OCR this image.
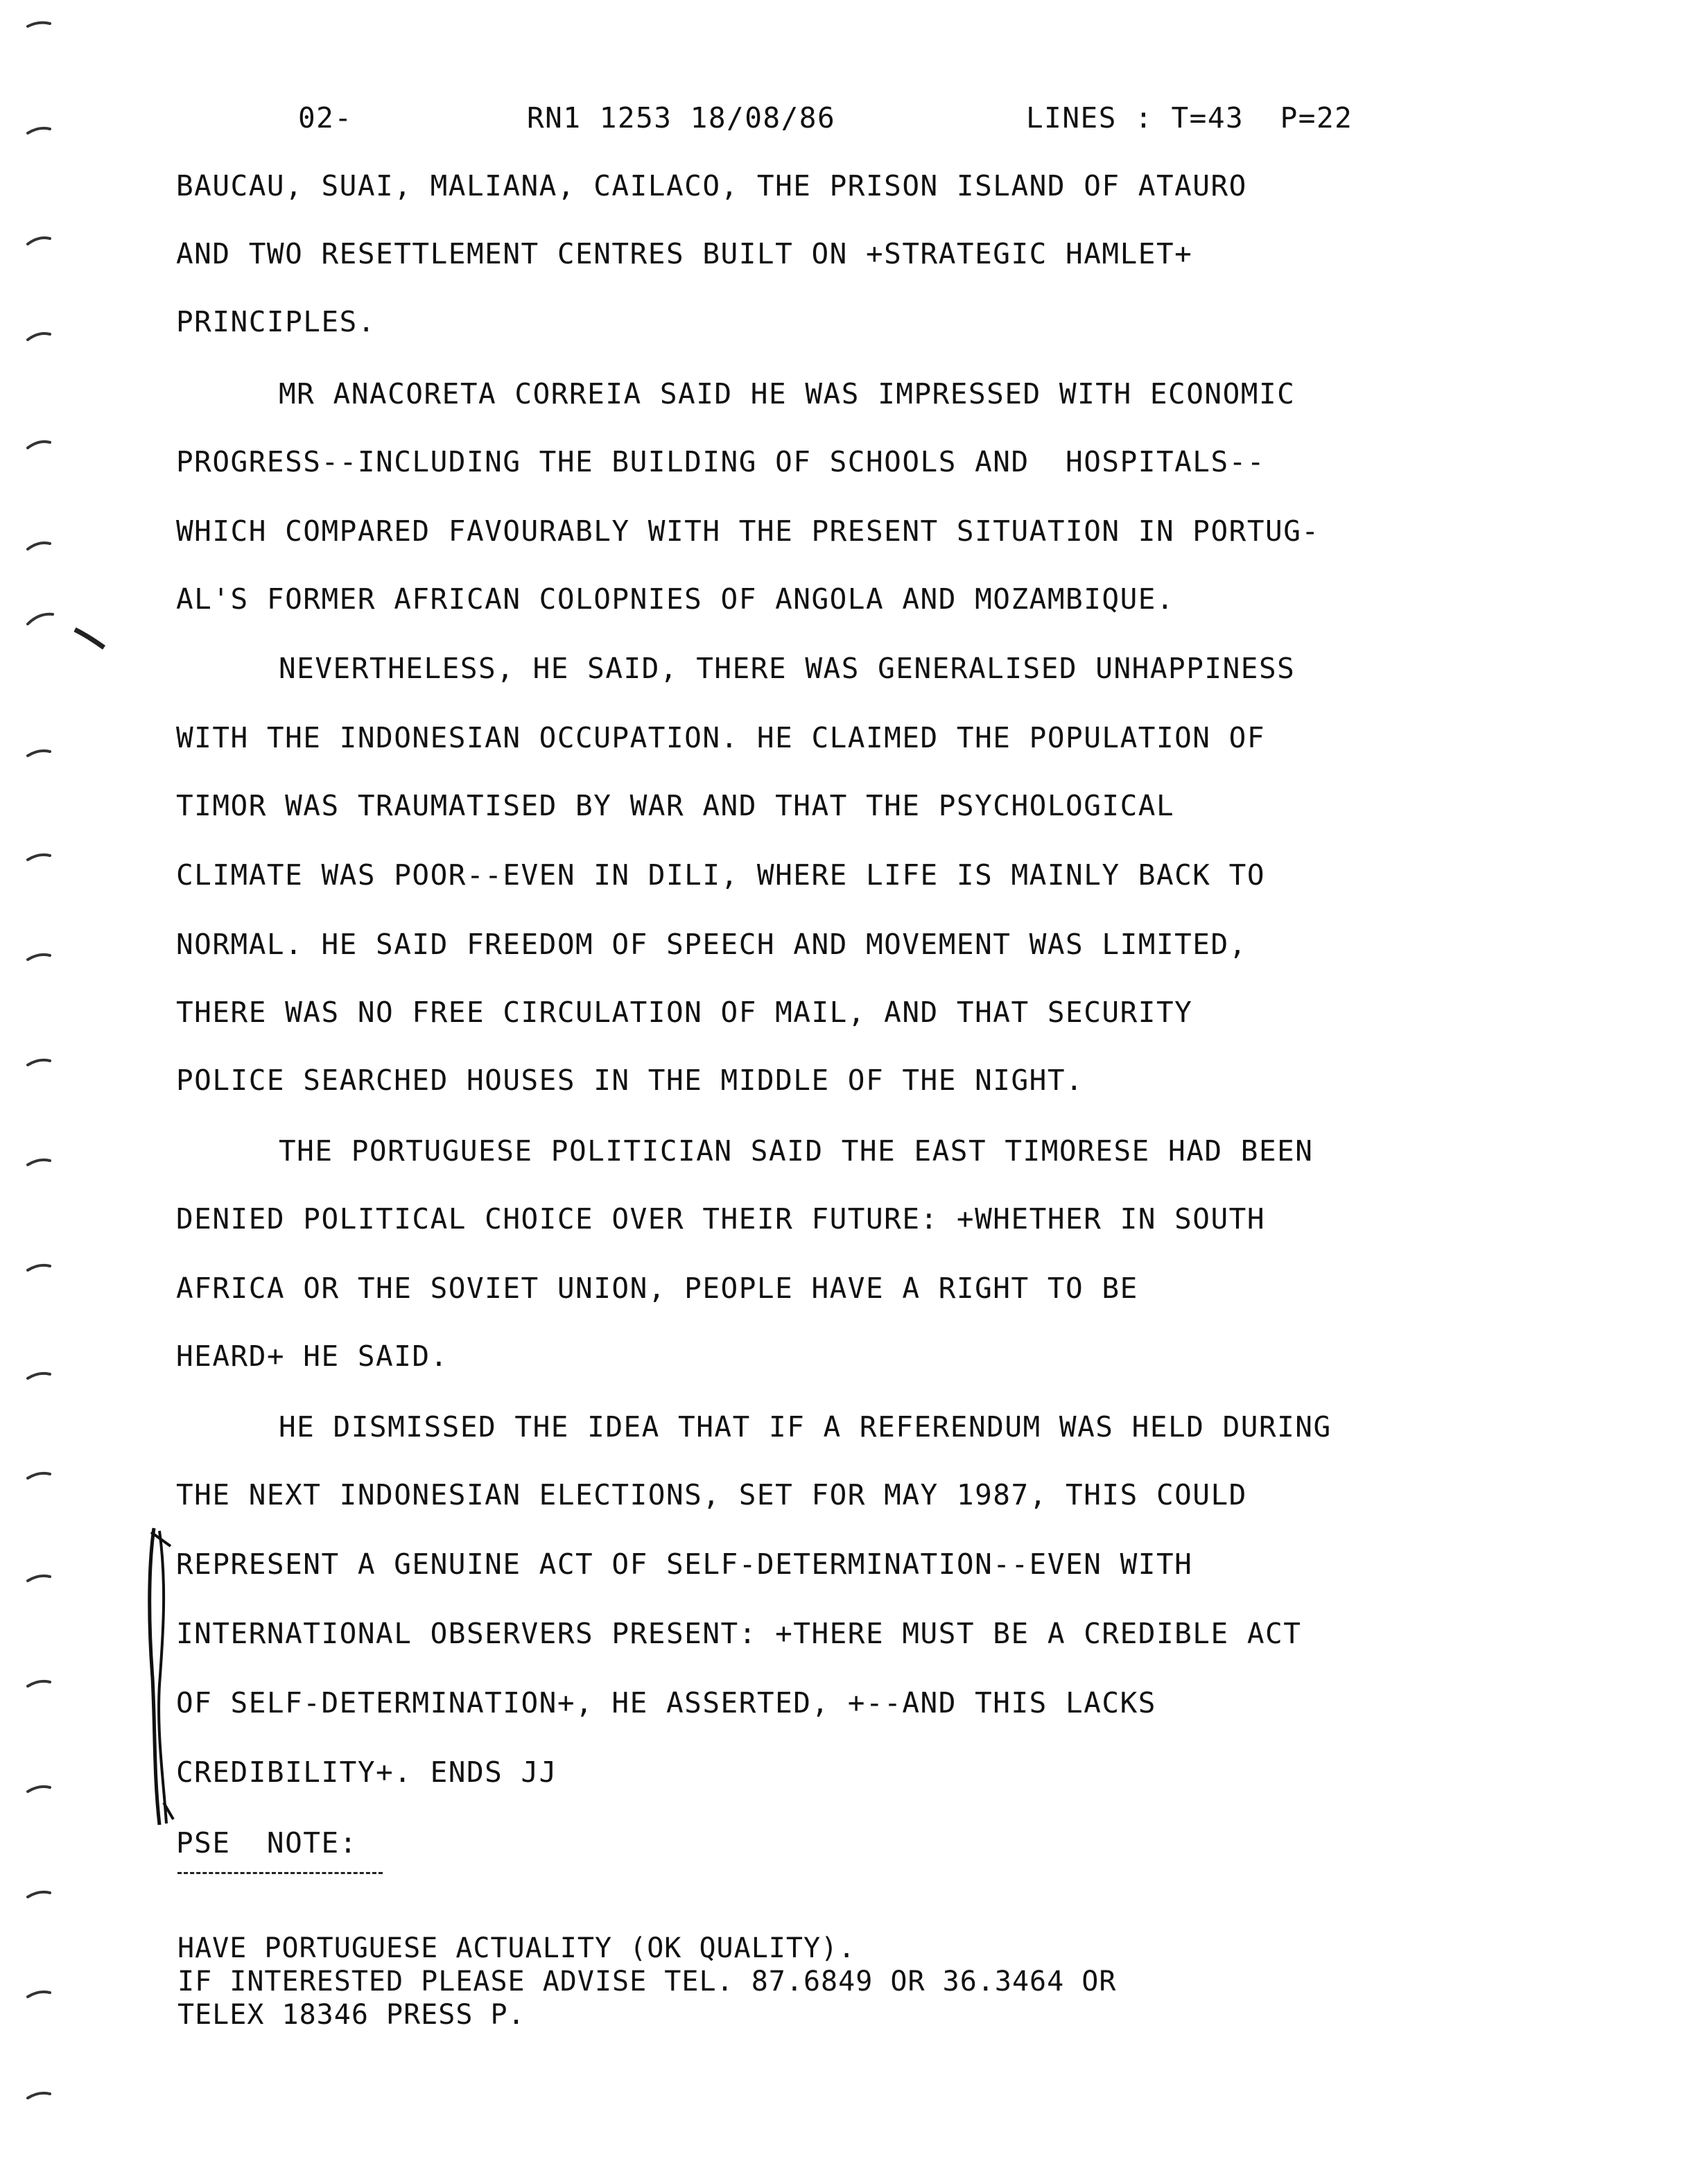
02-

	RN1 1253 18/08/86

	LINES : T=43  P=22

BAUCAU, SUAI, MALIANA, CAILACO, THE PRISON ISLAND OF ATAURO
AND TWO RESETTLEMENT CENTRES BUILT ON +STRATEGIC HAMLET+
PRINCIPLES.
MR ANACORETA CORREIA SAID HE WAS IMPRESSED WITH ECONOMIC
PROGRESS--INCLUDING THE BUILDING OF SCHOOLS AND  HOSPITALS--
WHICH COMPARED FAVOURABLY WITH THE PRESENT SITUATION IN PORTUG-
AL'S FORMER AFRICAN COLOPNIES OF ANGOLA AND MOZAMBIQUE.
NEVERTHELESS, HE SAID, THERE WAS GENERALISED UNHAPPINESS
WITH THE INDONESIAN OCCUPATION. HE CLAIMED THE POPULATION OF
TIMOR WAS TRAUMATISED BY WAR AND THAT THE PSYCHOLOGICAL
CLIMATE WAS POOR--EVEN IN DILI, WHERE LIFE IS MAINLY BACK TO
NORMAL. HE SAID FREEDOM OF SPEECH AND MOVEMENT WAS LIMITED,
THERE WAS NO FREE CIRCULATION OF MAIL, AND THAT SECURITY
POLICE SEARCHED HOUSES IN THE MIDDLE OF THE NIGHT.
THE PORTUGUESE POLITICIAN SAID THE EAST TIMORESE HAD BEEN
DENIED POLITICAL CHOICE OVER THEIR FUTURE: +WHETHER IN SOUTH
AFRICA OR THE SOVIET UNION, PEOPLE HAVE A RIGHT TO BE
HEARD+ HE SAID.
HE DISMISSED THE IDEA THAT IF A REFERENDUM WAS HELD DURING
THE NEXT INDONESIAN ELECTIONS, SET FOR MAY 1987, THIS COULD
REPRESENT A GENUINE ACT OF SELF-DETERMINATION--EVEN WITH
INTERNATIONAL OBSERVERS PRESENT: +THERE MUST BE A CREDIBLE ACT
OF SELF-DETERMINATION+, HE ASSERTED, +--AND THIS LACKS
CREDIBILITY+. ENDS JJ
PSE  NOTE:
HAVE PORTUGUESE ACTUALITY (OK QUALITY).
IF INTERESTED PLEASE ADVISE TEL. 87.6849 OR 36.3464 OR
TELEX 18346 PRESS P.
